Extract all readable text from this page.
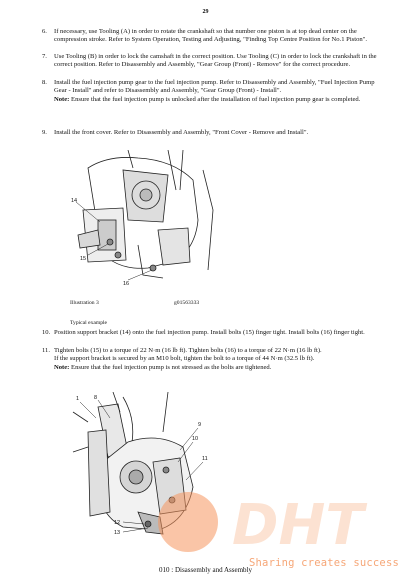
29
6. If necessary, use Tooling (A) in order to rotate the crankshaft so that number one piston is at top dead center on the compression stroke. Refer to System Operation, Testing and Adjusting, "Finding Top Centre Position for No.1 Piston".
7. Use Tooling (B) in order to lock the camshaft in the correct position. Use Tooling (C) in order to lock the crankshaft in the correct position. Refer to Disassembly and Assembly, "Gear Group (Front) - Remove" for the correct procedure.
8. Install the fuel injection pump gear to the fuel injection pump. Refer to Disassembly and Assembly, "Fuel Injection Pump Gear - Install" and refer to Disassembly and Assembly, "Gear Group (Front) - Install".
Note: Ensure that the fuel injection pump is unlocked after the installation of fuel injection pump gear is completed.
9. Install the front cover. Refer to Disassembly and Assembly, "Front Cover - Remove and Install".
14
15
16
Illustration 3	g01563333
Typical example
10. Position support bracket (14) onto the fuel injection pump. Install bolts (15) finger tight. Install bolts (16) finger tight.
11. Tighten bolts (15) to a torque of 22 N·m (16 lb ft). Tighten bolts (16) to a torque of 22 N·m (16 lb ft).
If the support bracket is secured by an M10 bolt, tighten the bolt to a torque of 44 N·m (32.5 lb ft).
Note: Ensure that the fuel injection pump is not stressed as the bolts are tightened.
1	8
9
10
11
12
13 DHT
Sharing creates success
010 : Disassembly and Assembly
